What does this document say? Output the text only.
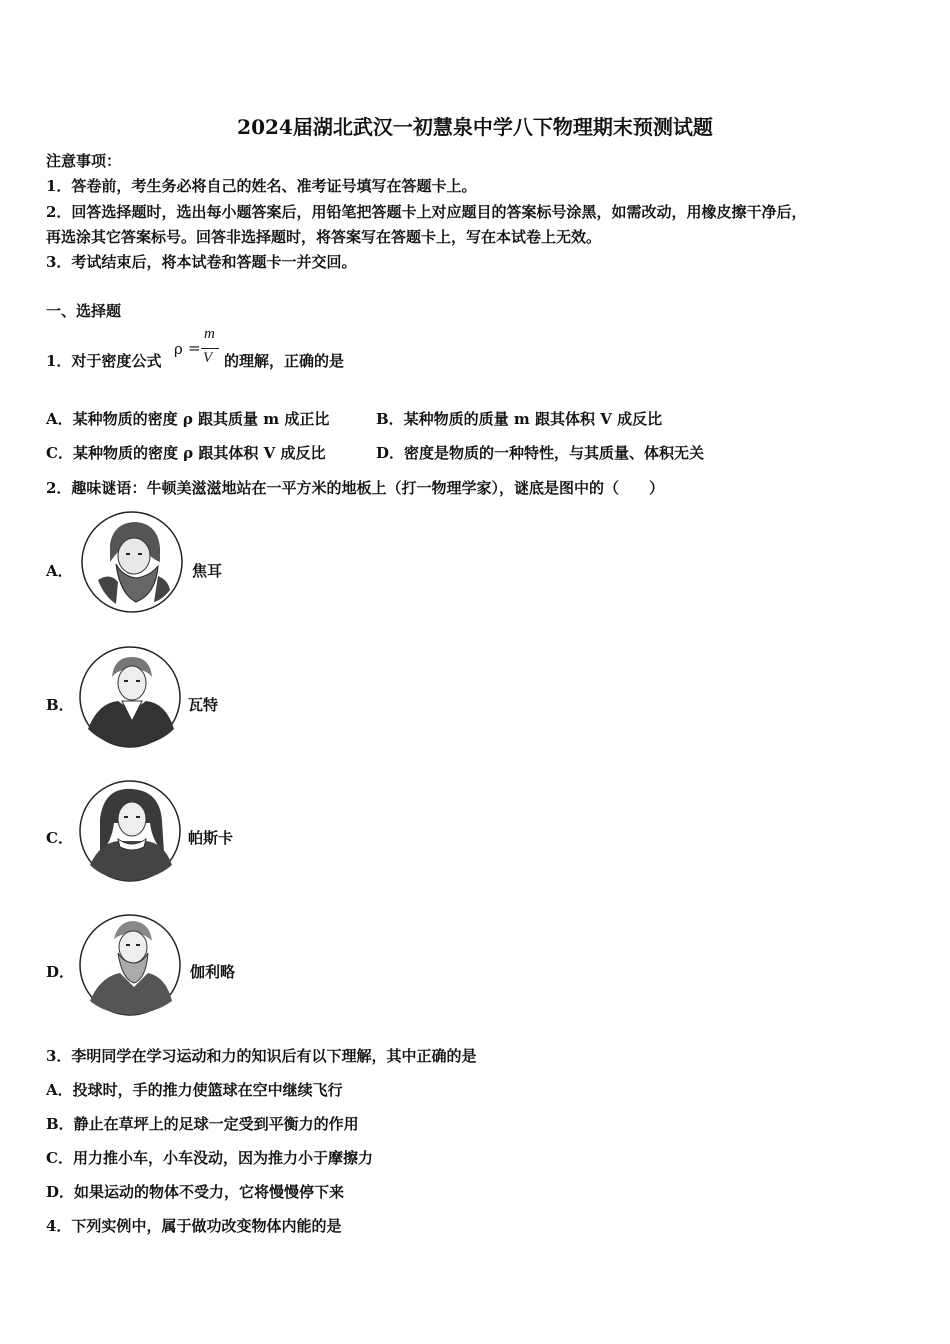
2024届湖北武汉一初慧泉中学八下物理期末预测试题
注意事项：
1．答卷前，考生务必将自己的姓名、准考证号填写在答题卡上。
2．回答选择题时，选出每小题答案后，用铅笔把答题卡上对应题目的答案标号涂黑，如需改动，用橡皮擦干净后，
再选涂其它答案标号。回答非选择题时，将答案写在答题卡上，写在本试卷上无效。
3．考试结束后，将本试卷和答题卡一并交回。
一、选择题
1．对于密度公式
ρ =
m
V 的理解，正确的是
A．某种物质的密度 ρ 跟其质量 m 成正比	B．某种物质的质量 m 跟其体积 V 成反比
C．某种物质的密度 ρ 跟其体积 V 成反比	D．密度是物质的一种特性，与其质量、体积无关
2．趣味谜语：牛顿美滋滋地站在一平方米的地板上（打一物理学家），谜底是图中的（　　）
A．	焦耳
B．	瓦特
C．	帕斯卡
D．	伽利略
3．李明同学在学习运动和力的知识后有以下理解，其中正确的是
A．投球时，手的推力使篮球在空中继续飞行
B．静止在草坪上的足球一定受到平衡力的作用
C．用力推小车，小车没动，因为推力小于摩擦力
D．如果运动的物体不受力，它将慢慢停下来
4．下列实例中，属于做功改变物体内能的是
